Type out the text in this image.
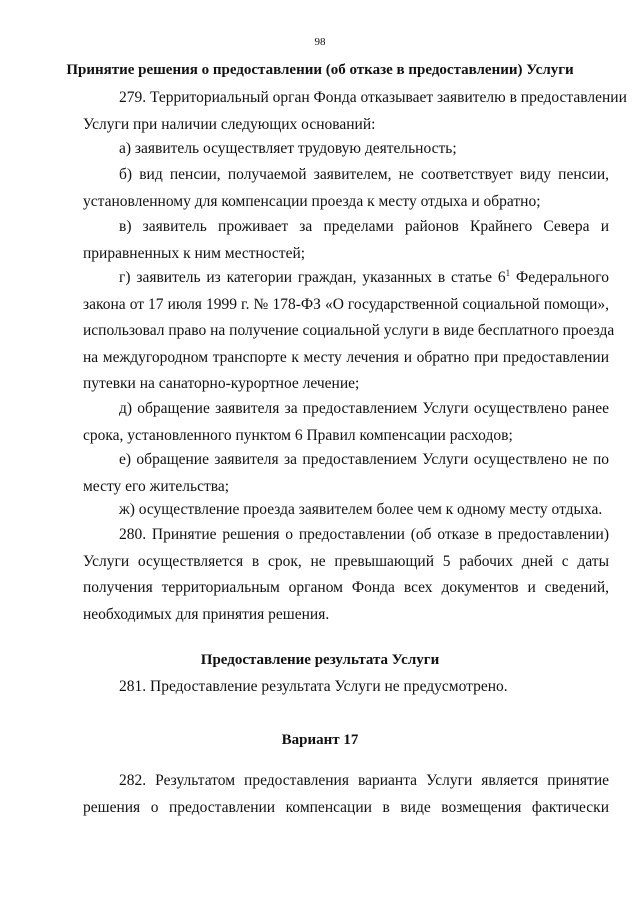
98
Принятие решения о предоставлении (об отказе в предоставлении) Услуги
279. Территориальный орган Фонда отказывает заявителю в предоставлении
Услуги при наличии следующих оснований:
а) заявитель осуществляет трудовую деятельность;
б) вид пенсии, получаемой заявителем, не соответствует виду пенсии,
установленному для компенсации проезда к месту отдыха и обратно;
в) заявитель проживает за пределами районов Крайнего Севера и
приравненных к ним местностей;
г) заявитель из категории граждан, указанных в статье $6^1$ Федерального
закона от 17 июля 1999 г. № 178-ФЗ «О государственной социальной помощи»,
использовал право на получение социальной услуги в виде бесплатного проезда
на междугородном транспорте к месту лечения и обратно при предоставлении
путевки на санаторно-курортное лечение;
д) обращение заявителя за предоставлением Услуги осуществлено ранее
срока, установленного пунктом 6 Правил компенсации расходов;
е) обращение заявителя за предоставлением Услуги осуществлено не по
месту его жительства;
ж) осуществление проезда заявителем более чем к одному месту отдыха.
280. Принятие решения о предоставлении (об отказе в предоставлении)
Услуги осуществляется в срок, не превышающий 5 рабочих дней с даты
получения территориальным органом Фонда всех документов и сведений,
необходимых для принятия решения.
Предоставление результата Услуги
281. Предоставление результата Услуги не предусмотрено.
Вариант 17
282. Результатом предоставления варианта Услуги является принятие
решения о предоставлении компенсации в виде возмещения фактически
